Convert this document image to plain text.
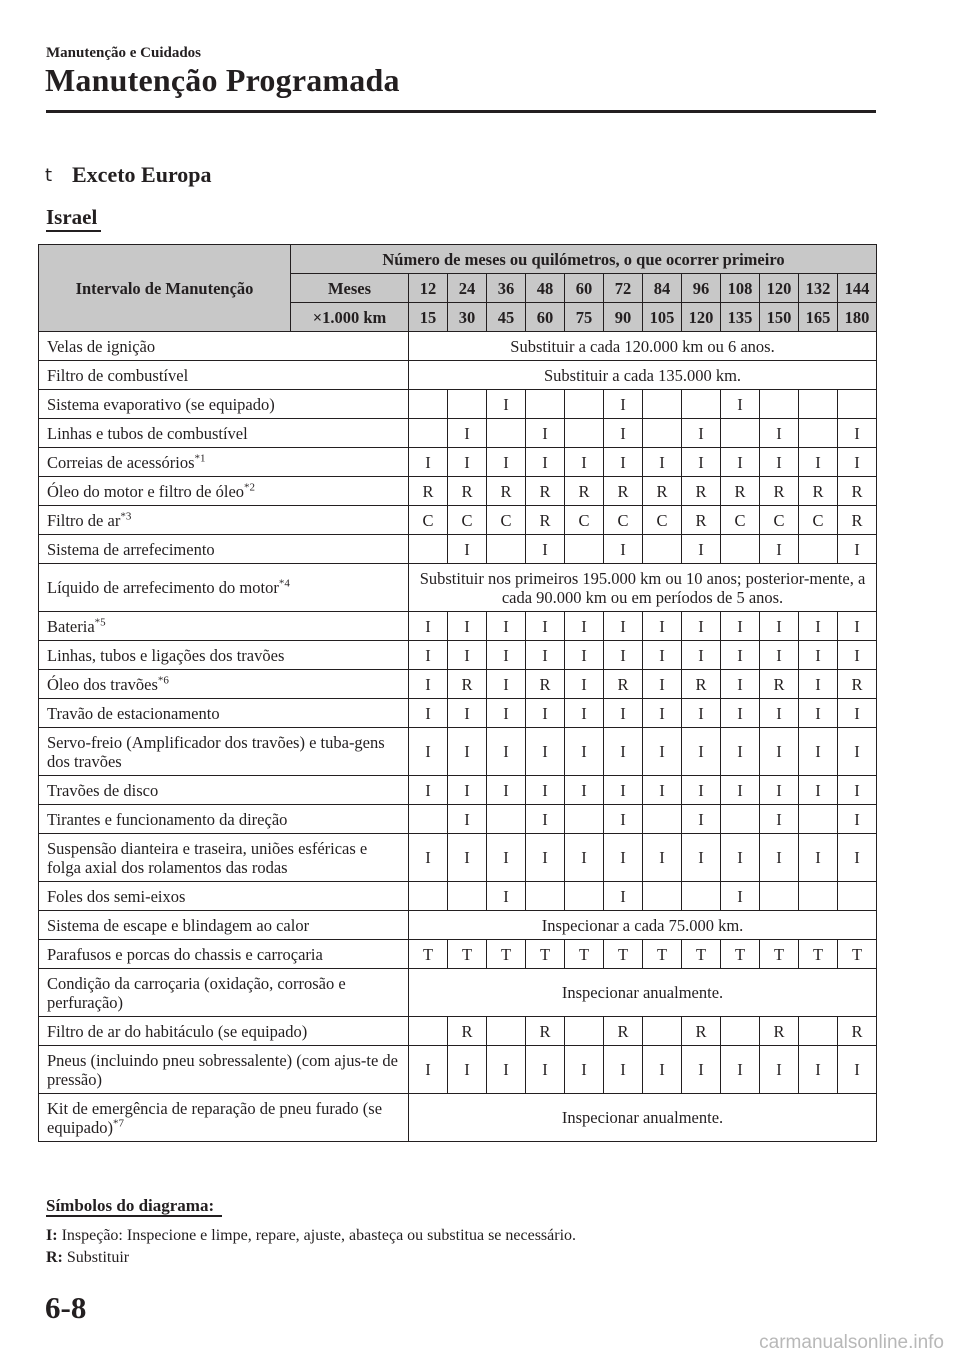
Manutenção e Cuidados
Manutenção Programada
t Exceto Europa
Israel
Intervalo de Manutenção	Número de meses ou quilómetros, o que ocorrer primeiro												
	Meses	12	24	36	48	60	72	84	96	108	120	132	144
	×1.000 km	15	30	45	60	75	90	105	120	135	150	165	180
Velas de ignição		Substituir a cada 120.000 km ou 6 anos.											
Filtro de combustível		Substituir a cada 135.000 km.											
Sistema evaporativo (se equipado)				I			I			I			
Linhas e tubos de combustível			I		I		I		I		I		I
Correias de acessórios$^{*1}$		I	I	I	I	I	I	I	I	I	I	I	I
Óleo do motor e filtro de óleo$^{*2}$		R	R	R	R	R	R	R	R	R	R	R	R
Filtro de $ar^{*3}$		C	C	C	R	C	C	C	R	C	C	C	R
Sistema de arrefecimento			I		I		I		I		I		I
Líquido de arrefecimento do motor$^{*4}$		Substituir nos primeiros 195.000 km ou 10 anos; posterior-mente, a cada 90.000 km ou em períodos de 5 anos.											
Bateria$^{*5}$		I	I	I	I	I	I	I	I	I	I	I	I
Linhas, tubos e ligações dos travões		I	I	I	I	I	I	I	I	I	I	I	I
Óleo dos travões$^{*6}$		I	R	I	R	I	R	I	R	I	R	I	R
Travão de estacionamento		I	I	I	I	I	I	I	I	I	I	I	I
Servo-freio (Amplificador dos travões) e tuba-gens dos travões		I	I	I	I	I	I	I	I	I	I	I	I
Travões de disco		I	I	I	I	I	I	I	I	I	I	I	I
Tirantes e funcionamento da direção			I		I		I		I		I		I
Suspensão dianteira e traseira, uniões esféricas e folga axial dos rolamentos das rodas		I	I	I	I	I	I	I	I	I	I	I	I
Foles dos semi-eixos				I			I			I			
Sistema de escape e blindagem ao calor		Inspecionar a cada 75.000 km.											
Parafusos e porcas do chassis e carroçaria		T	T	T	T	T	T	T	T	T	T	T	T
Condição da carroçaria (oxidação, corrosão e perfuração)		Inspecionar anualmente.											
Filtro de ar do habitáculo (se equipado)			R		R		R		R		R		R
Pneus (incluindo pneu sobressalente) (com ajus-te de pressão)		I	I	I	I	I	I	I	I	I	I	I	I
Kit de emergência de reparação de pneu furado (se equipado)$^{*7}$		Inspecionar anualmente.											
Símbolos do diagrama:
I: Inspeção: Inspecione e limpe, repare, ajuste, abasteça ou substitua se necessário.
R: Substituir
6-8
carmanualsonline.info
